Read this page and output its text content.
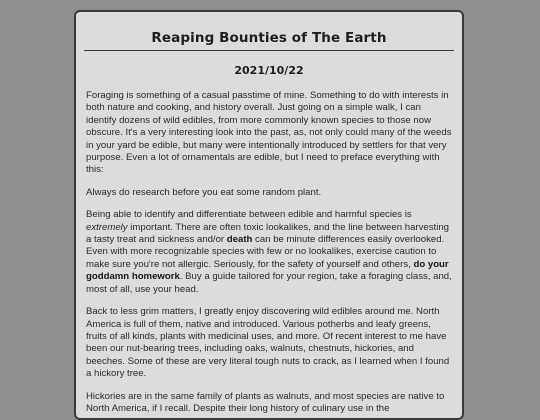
Reaping Bounties of The Earth
2021/10/22

Foraging is something of a casual passtime of mine. Something to do with interests in both nature and cooking, and history overall. Just going on a simple walk, I can identify dozens of wild edibles, from more commonly known species to those now obscure. It's a very interesting look into the past, as, not only could many of the weeds in your yard be edible, but many were intentionally introduced by settlers for that very purpose. Even a lot of ornamentals are edible, but I need to preface everything with this:

Always do research before you eat some random plant.

Being able to identify and differentiate between edible and harmful species is extremely important. There are often toxic lookalikes, and the line between harvesting a tasty treat and sickness and/or death can be minute differences easily overlooked. Even with more recognizable species with few or no lookalikes, exercise caution to make sure you're not allergic. Seriously, for the safety of yourself and others, do your goddamn homework. Buy a guide tailored for your region, take a foraging class, and, most of all, use your head.

Back to less grim matters, I greatly enjoy discovering wild edibles around me. North America is full of them, native and introduced. Various potherbs and leafy greens, fruits of all kinds, plants with medicinal uses, and more. Of recent interest to me have been our nut-bearing trees, including oaks, walnuts, chestnuts, hickories, and beeches. Some of these are very literal tough nuts to crack, as I learned when I found a hickory tree.

Hickories are in the same family of plants as walnuts, and most species are native to North America, if I recall. Despite their long history of culinary use in the
